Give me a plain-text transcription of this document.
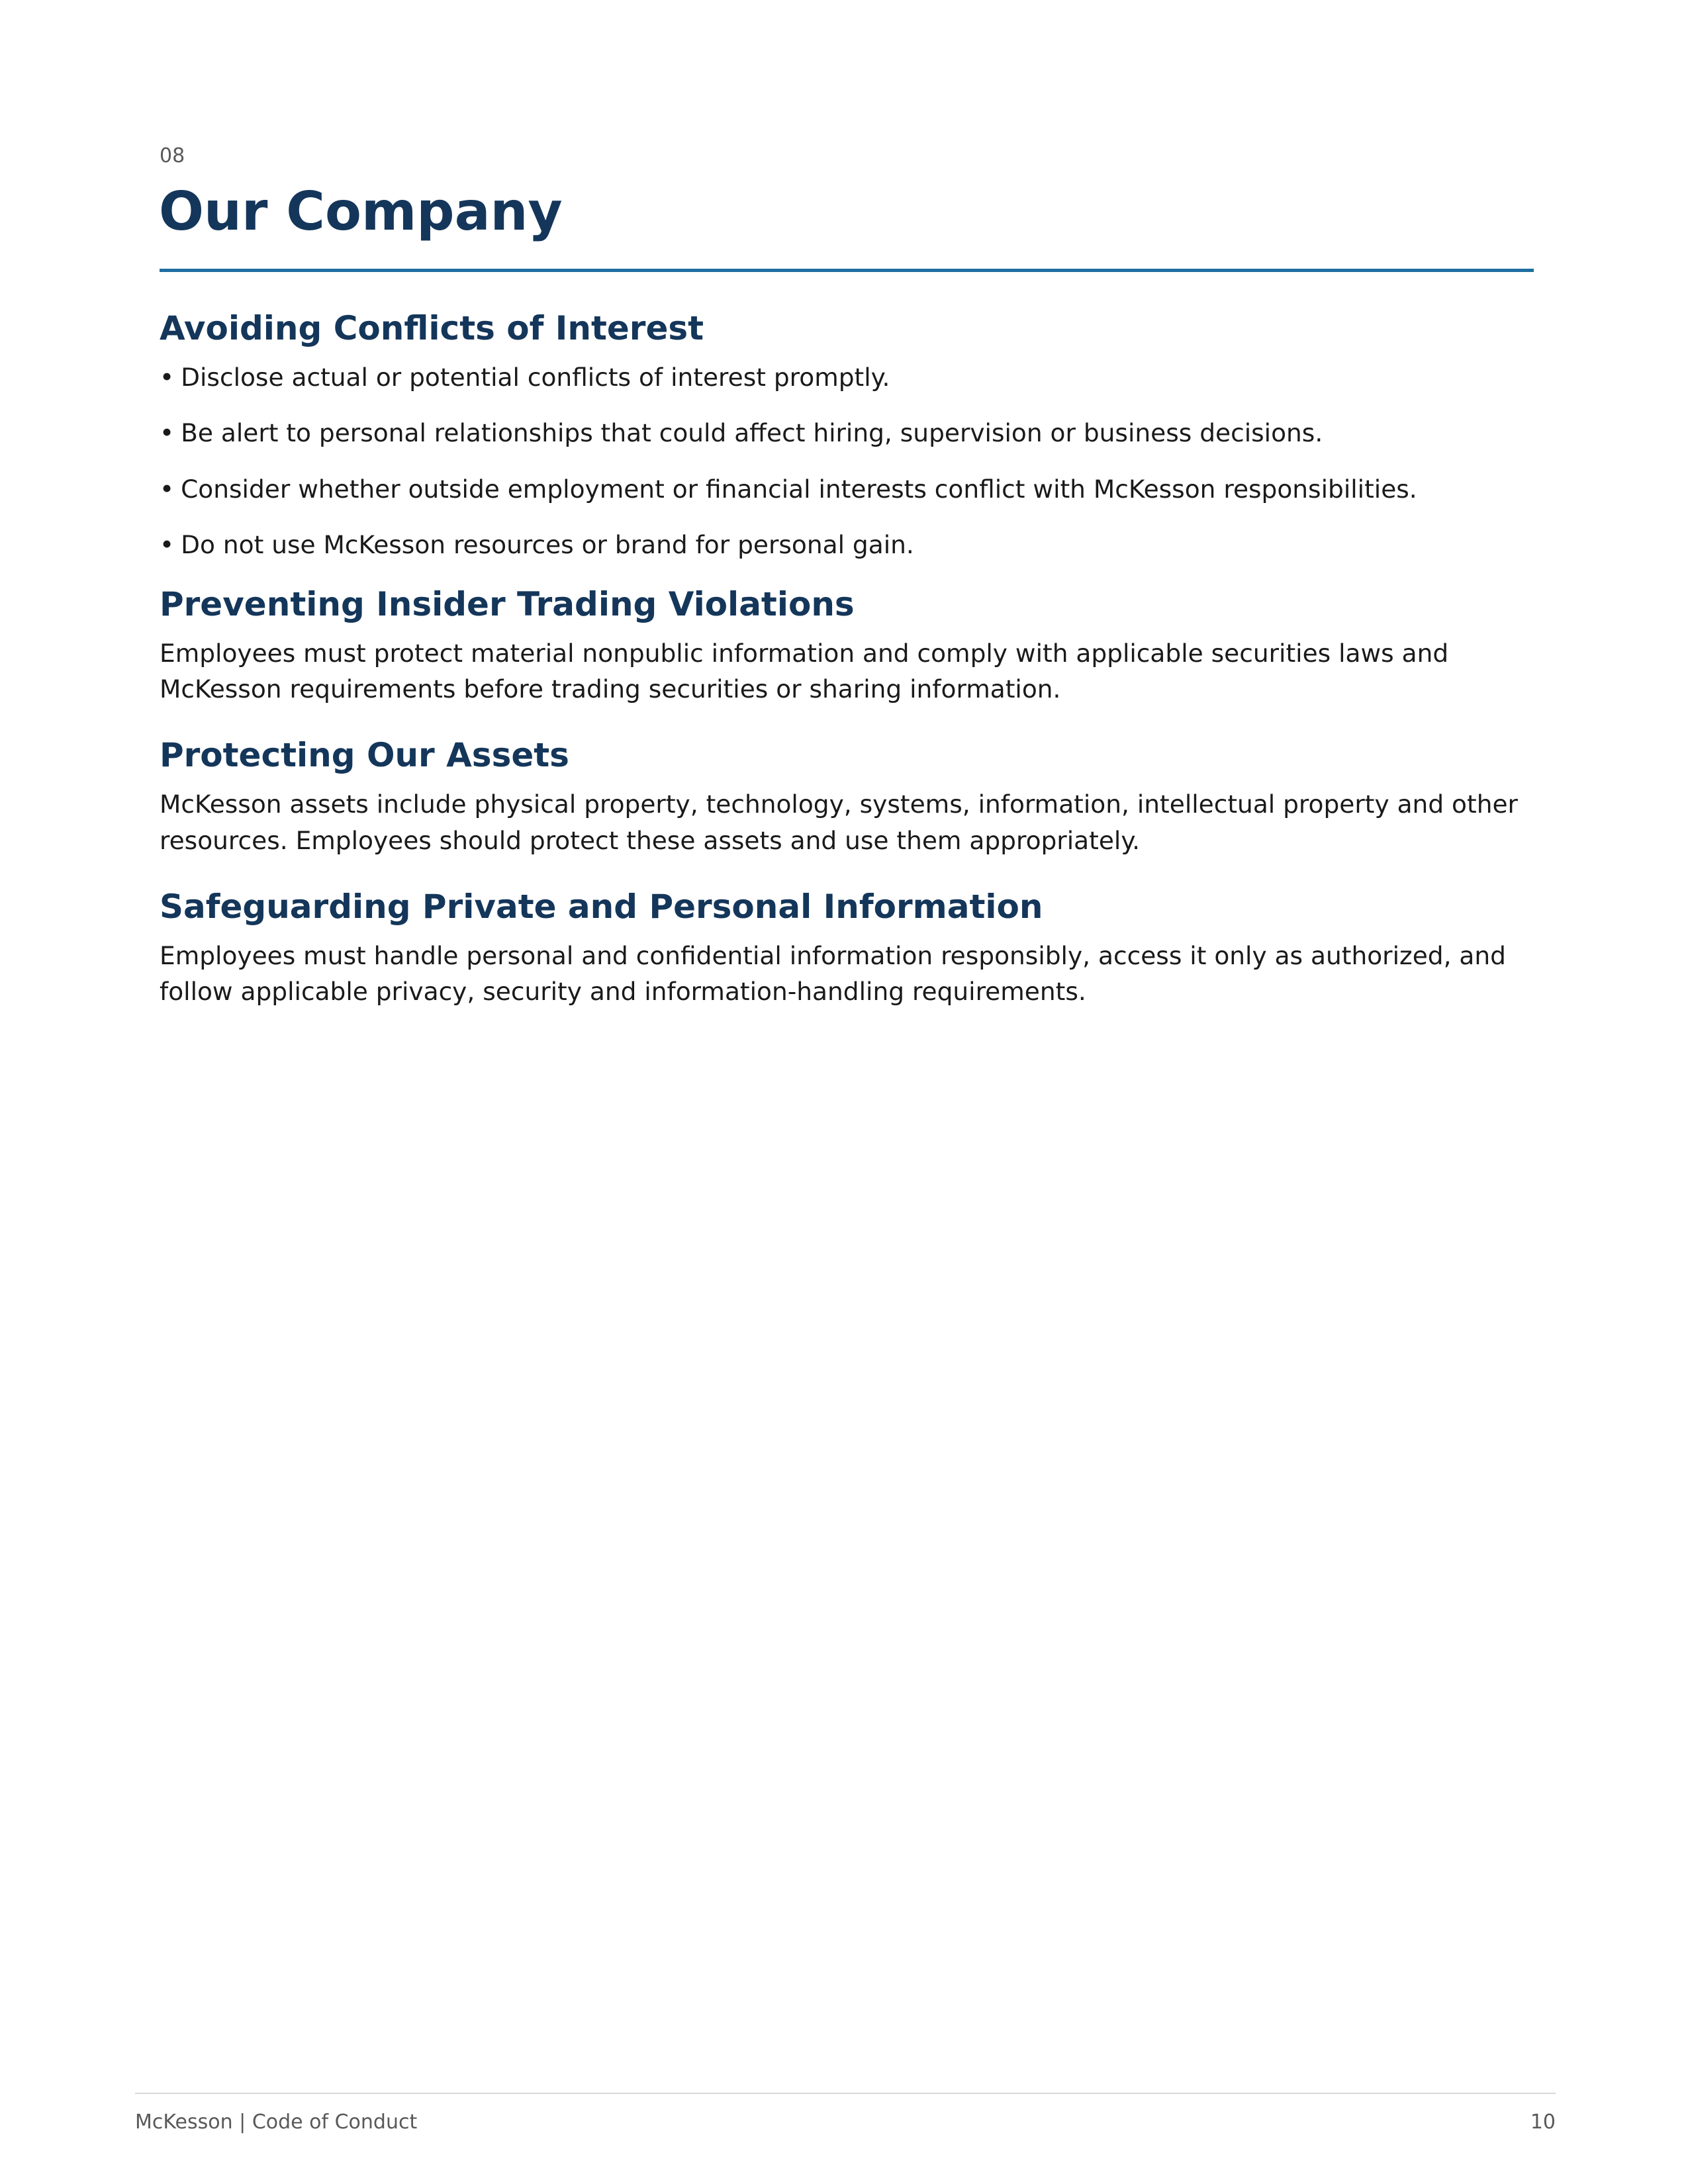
08
Our Company
Avoiding Conflicts of Interest
• Disclose actual or potential conflicts of interest promptly.
• Be alert to personal relationships that could affect hiring, supervision or business decisions.
• Consider whether outside employment or financial interests conflict with McKesson responsibilities.
• Do not use McKesson resources or brand for personal gain.
Preventing Insider Trading Violations

Employees must protect material nonpublic information and comply with applicable securities laws and McKesson requirements before trading securities or sharing information.

Protecting Our Assets

McKesson assets include physical property, technology, systems, information, intellectual property and other resources. Employees should protect these assets and use them appropriately.

Safeguarding Private and Personal Information

Employees must handle personal and confidential information responsibly, access it only as authorized, and follow applicable privacy, security and information-handling requirements.

McKesson | Code of Conduct	10
